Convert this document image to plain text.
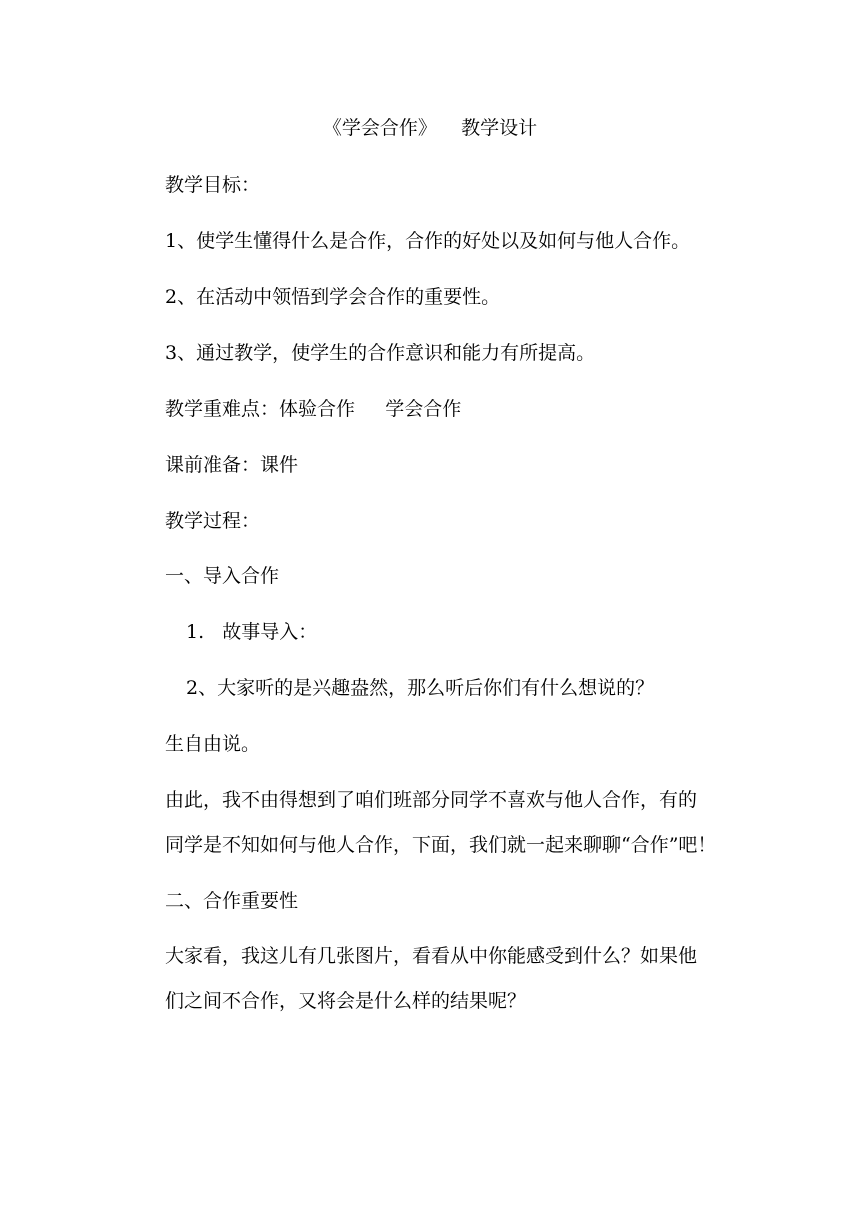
《学会合作》    教学设计
教学目标：
1、使学生懂得什么是合作，合作的好处以及如何与他人合作。
2、在活动中领悟到学会合作的重要性。
3、通过教学，使学生的合作意识和能力有所提高。
教学重难点：体验合作     学会合作
课前准备：课件
教学过程：
一、导入合作
1.   故事导入：
2、大家听的是兴趣盎然，那么听后你们有什么想说的？
生自由说。
由此，我不由得想到了咱们班部分同学不喜欢与他人合作，有的
同学是不知如何与他人合作，下面，我们就一起来聊聊“合作”吧！
二、合作重要性
大家看，我这儿有几张图片，看看从中你能感受到什么？如果他
们之间不合作，又将会是什么样的结果呢？
